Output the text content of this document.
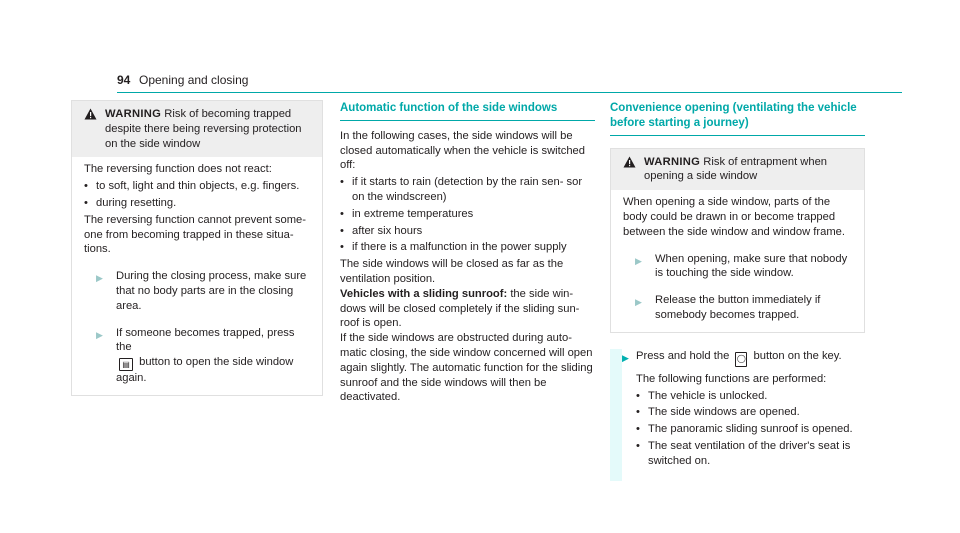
94 Opening and closing
WARNING Risk of becoming trapped despite there being reversing protection on the side window

The reversing function does not react:

• to soft, light and thin objects, e.g. fingers.
• during resetting.

The reversing function cannot prevent some- one from becoming trapped in these situa- tions.

▶	During the closing process, make sure that no body parts are in the closing area.
▶	If someone becomes trapped, press the
▤ button to open the side window again.
Automatic function of the side windows

In the following cases, the side windows will be closed automatically when the vehicle is switched off:

• if it starts to rain (detection by the rain sen- sor on the windscreen)
• in extreme temperatures
• after six hours
• if there is a malfunction in the power supply

The side windows will be closed as far as the ventilation position.

Vehicles with a sliding sunroof: the side win- dows will be closed completely if the sliding sun- roof is open.

If the side windows are obstructed during auto- matic closing, the side window concerned will open again slightly. The automatic function for the sliding sunroof and the side windows will then be deactivated.

Convenience opening (ventilating the vehicle before starting a journey)
WARNING Risk of entrapment when opening a side window

When opening a side window, parts of the body could be drawn in or become trapped between the side window and window frame.

▶	When opening, make sure that nobody is touching the side window.
▶	Release the button immediately if somebody becomes trapped.
▶ Press and hold the ◯ button on the key.

The following functions are performed:

• The vehicle is unlocked.
• The side windows are opened.
• The panoramic sliding sunroof is opened.
• The seat ventilation of the driver's seat is switched on.
